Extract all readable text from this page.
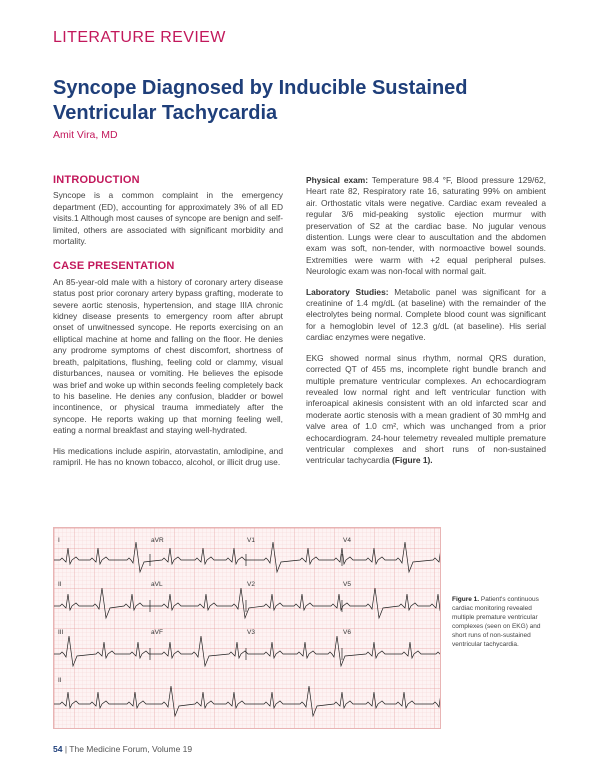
LITERATURE REVIEW
Syncope Diagnosed by Inducible Sustained Ventricular Tachycardia
Amit Vira, MD
INTRODUCTION

Syncope is a common complaint in the emergency department (ED), accounting for approximately 3% of all ED visits.1 Although most causes of syncope are benign and self-limited, others are associated with significant morbidity and mortality.

CASE PRESENTATION

An 85-year-old male with a history of coronary artery disease status post prior coronary artery bypass grafting, moderate to severe aortic stenosis, hypertension, and stage IIIA chronic kidney disease presents to emergency room after abrupt onset of unwitnessed syncope. He reports exercising on an elliptical machine at home and falling on the floor. He denies any prodrome symptoms of chest discomfort, shortness of breath, palpitations, flushing, feeling cold or clammy, visual disturbances, nausea or vomiting. He believes the episode was brief and woke up within seconds feeling completely back to his baseline. He denies any confusion, bladder or bowel incontinence, or physical trauma immediately after the syncope. He reports waking up that morning feeling well, eating a normal breakfast and staying well-hydrated.

His medications include aspirin, atorvastatin, amlodipine, and ramipril. He has no known tobacco, alcohol, or illicit drug use.

Physical exam: Temperature 98.4 °F, Blood pressure 129/62, Heart rate 82, Respiratory rate 16, saturating 99% on ambient air. Orthostatic vitals were negative. Cardiac exam revealed a regular 3/6 mid-peaking systolic ejection murmur with preservation of S2 at the cardiac base. No jugular venous distention. Lungs were clear to auscultation and the abdomen exam was soft, non-tender, with normoactive bowel sounds. Extremities were warm with +2 equal peripheral pulses. Neurologic exam was non-focal with normal gait.

Laboratory Studies: Metabolic panel was significant for a creatinine of 1.4 mg/dL (at baseline) with the remainder of the electrolytes being normal. Complete blood count was significant for a hemoglobin level of 12.3 g/dL (at baseline). His serial cardiac enzymes were negative.

EKG showed normal sinus rhythm, normal QRS duration, corrected QT of 455 ms, incomplete right bundle branch and multiple premature ventricular complexes. An echocardiogram revealed low normal right and left ventricular function with inferoapical akinesis consistent with an old infarcted scar and moderate aortic stenosis with a mean gradient of 30 mmHg and valve area of 1.0 cm², which was unchanged from a prior echocardiogram. 24-hour telemetry revealed multiple premature ventricular complexes and short runs of non-sustained ventricular tachycardia (Figure 1).

I	aVR	V1	V4
II	aVL	V2	V5
III	aVF	V3	V6
II
Figure 1. Patient's continuous cardiac monitoring revealed multiple premature ventricular complexes (seen on EKG) and short runs of non-sustained ventricular tachycardia.
54 | The Medicine Forum, Volume 19
